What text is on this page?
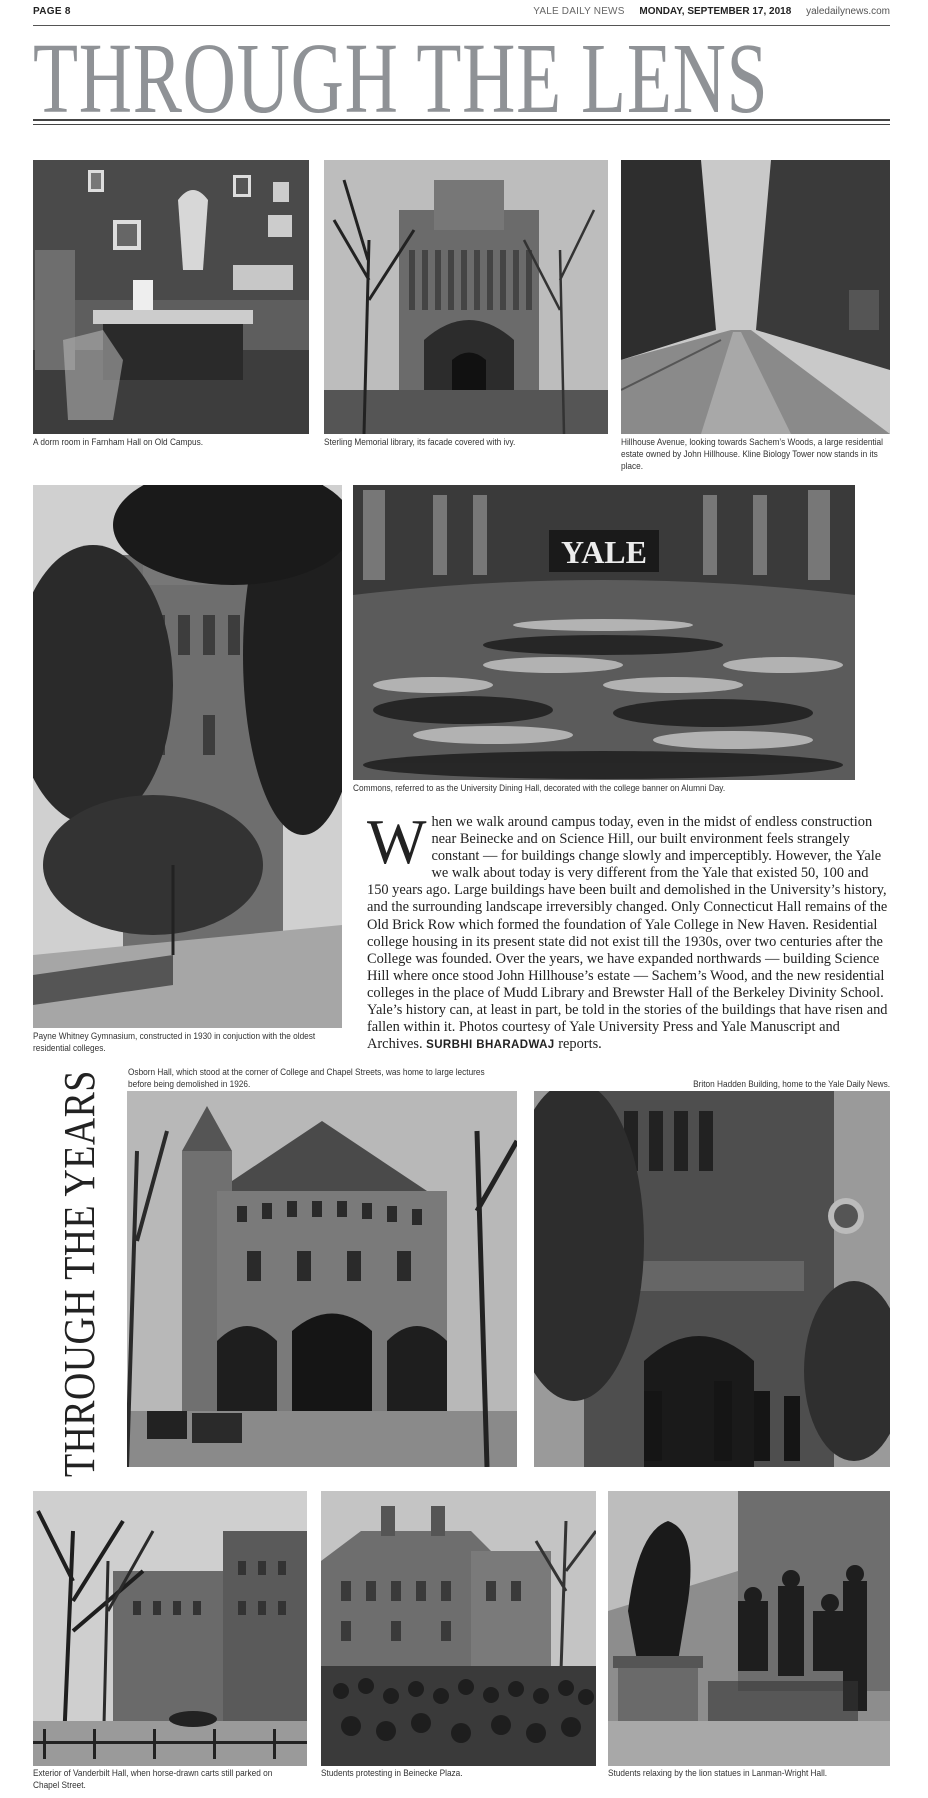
PAGE 8	YALE DAILY NEWS MONDAY, SEPTEMBER 17, 2018 yaledailynews.com
THROUGH THE LENS
A dorm room in Farnham Hall on Old Campus.	Sterling Memorial library, its facade covered with ivy.	Hillhouse Avenue, looking towards Sachem’s Woods, a large residential estate owned by John Hillhouse. Kline Biology Tower now stands in its place.
Payne Whitney Gymnasium, constructed in 1930 in conjuction with the oldest residential colleges.
YALE
Commons, referred to as the University Dining Hall, decorated with the college banner on Alumni Day.
When we walk around campus today, even in the midst of endless construction near Beinecke and on Science Hill, our built environment feels strangely constant — for buildings change slowly and imperceptibly. However, the Yale we walk about today is very different from the Yale that existed 50, 100 and 150 years ago. Large buildings have been built and demolished in the University’s history, and the surrounding landscape irreversibly changed. Only Connecticut Hall remains of the Old Brick Row which formed the foundation of Yale College in New Haven. Residential college housing in its present state did not exist till the 1930s, over two centuries after the College was founded. Over the years, we have expanded northwards — building Science Hill where once stood John Hillhouse’s estate — Sachem’s Wood, and the new residential colleges in the place of Mudd Library and Brewster Hall of the Berkeley Divinity School. Yale’s history can, at least in part, be told in the stories of the buildings that have risen and fallen within it. Photos courtesy of Yale University Press and Yale Manuscript and Archives. SURBHI BHARADWAJ reports.
THROUGH THE YEARS	Osborn Hall, which stood at the corner of College and Chapel Streets, was home to large lectures before being demolished in 1926.	Briton Hadden Building, home to the Yale Daily News.
Exterior of Vanderbilt Hall, when horse-drawn carts still parked on Chapel Street.
Students protesting in Beinecke Plaza.	Students relaxing by the lion statues in Lanman-Wright Hall.
